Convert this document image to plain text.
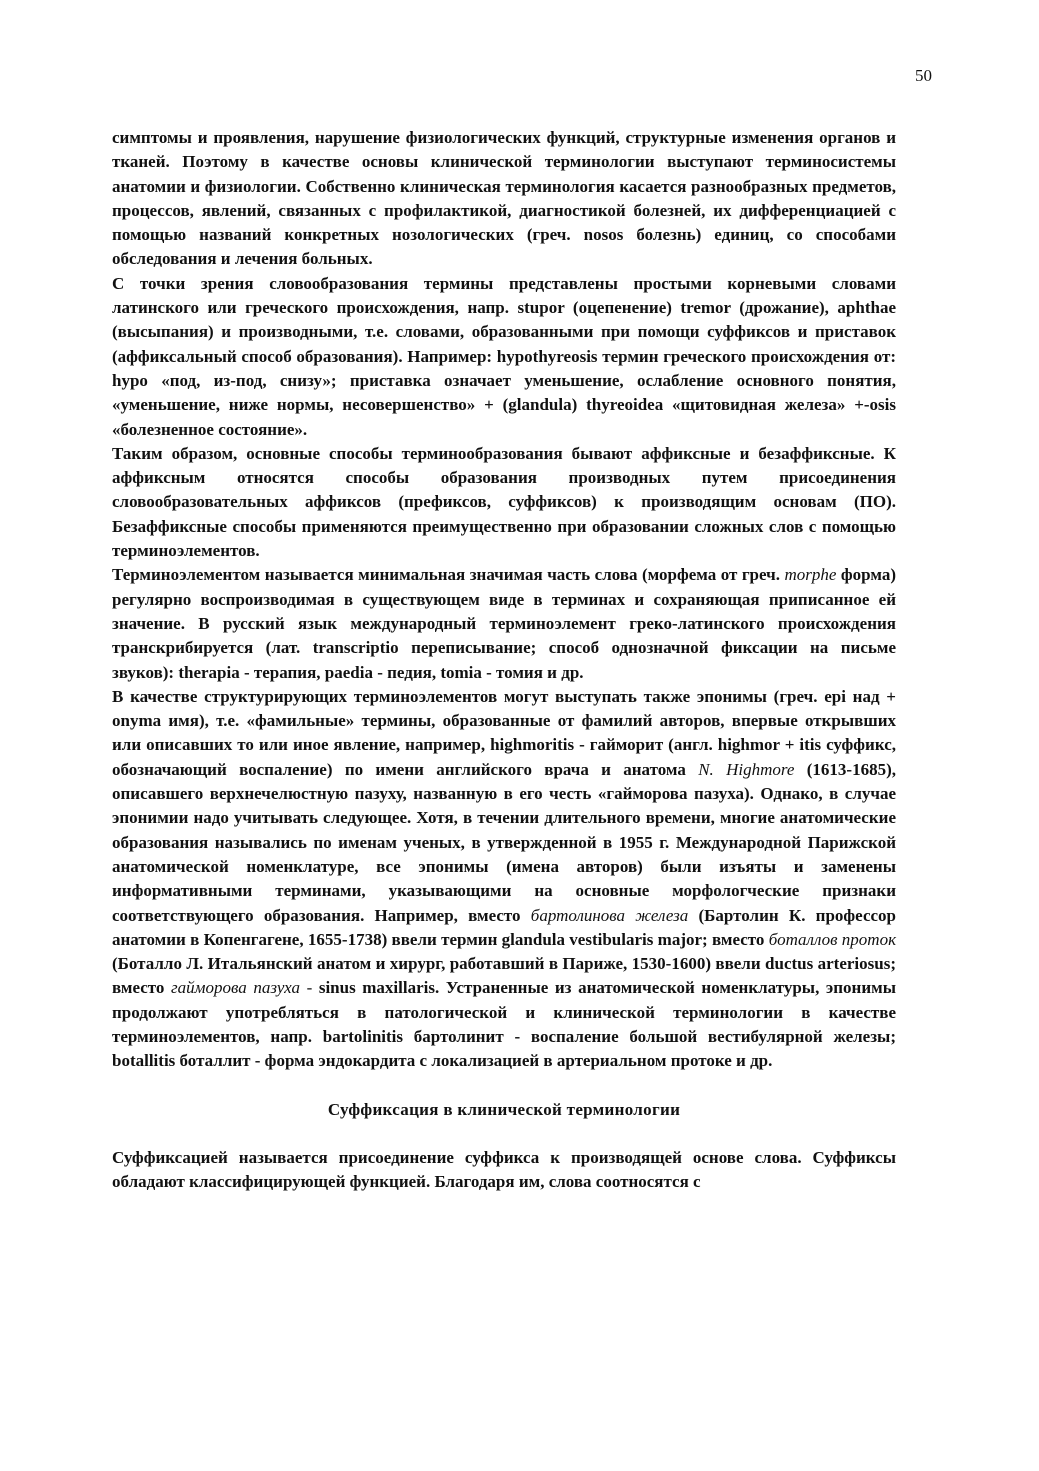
50

симптомы и проявления, нарушение физиологических функций, структурные изменения органов и тканей. Поэтому в качестве основы клинической терминологии выступают терминосистемы анатомии и физиологии. Собственно клиническая терминология касается разнообразных предметов, процессов, явлений, связанных с профилактикой, диагностикой болезней, их дифференциацией с помощью названий конкретных нозологических (греч. nosos болезнь) единиц, со способами обследования и лечения больных.

С точки зрения словообразования термины представлены простыми корневыми словами латинского или греческого происхождения, напр. stupor (оцепенение) tremor (дрожание), aphthae (высыпания) и производными, т.е. словами, образованными при помощи суффиксов и приставок (аффиксальный способ образования). Например: hypothyreosis термин греческого происхождения от: hypo «под, из-под, снизу»; приставка означает уменьшение, ослабление основного понятия, «уменьшение, ниже нормы, несовершенство» + (glandula) thyreoidea «щитовидная железа» +-osis «болезненное состояние».

Таким образом, основные способы терминообразования бывают аффиксные и безаффиксные. К аффиксным относятся способы образования производных путем присоединения словообразовательных аффиксов (префиксов, суффиксов) к производящим основам (ПО). Безаффиксные способы применяются преимущественно при образовании сложных слов с помощью терминоэлементов.

Терминоэлементом называется минимальная значимая часть слова (морфема от греч. morphe форма) регулярно воспроизводимая в существующем виде в терминах и сохраняющая приписанное ей значение. В русский язык международный терминоэлемент греко-латинского происхождения транскрибируется (лат. transcriptio переписывание; способ однозначной фиксации на письме звуков): therapia - терапия, paedia - педия, tomia - томия и др.

В качестве структурирующих терминоэлементов могут выступать также эпонимы (греч. epi над + onyma имя), т.е. «фамильные» термины, образованные от фамилий авторов, впервые открывших или описавших то или иное явление, например, highmoritis - гайморит (англ. highmor + itis суффикс, обозначающий воспаление) по имени английского врача и анатома N. Highmore (1613-1685), описавшего верхнечелюстную пазуху, названную в его честь «гайморова пазуха). Однако, в случае эпонимии надо учитывать следующее. Хотя, в течении длительного времени, многие анатомические образования назывались по именам ученых, в утвержденной в 1955 г. Международной Парижской анатомической номенклатуре, все эпонимы (имена авторов) были изъяты и заменены информативными терминами, указывающими на основные морфологческие признаки соответствующего образования. Например, вместо бартолинова железа (Бартолин К. профессор анатомии в Копенгагене, 1655-1738) ввели термин glandula vestibularis major; вместо боталлов проток (Боталло Л. Итальянский анатом и хирург, работавший в Париже, 1530-1600) ввели ductus arteriosus; вместо гайморова пазуха - sinus maxillaris. Устраненные из анатомической номенклатуры, эпонимы продолжают употребляться в патологической и клинической терминологии в качестве терминоэлементов, напр. bartolinitis бартолинит - воспаление большой вестибулярной железы; botallitis боталлит - форма эндокардита с локализацией в артериальном протоке и др.

Суффиксация в клинической терминологии

Суффиксацией называется присоединение суффикса к производящей основе слова. Суффиксы обладают классифицирующей функцией. Благодаря им, слова соотносятся с
